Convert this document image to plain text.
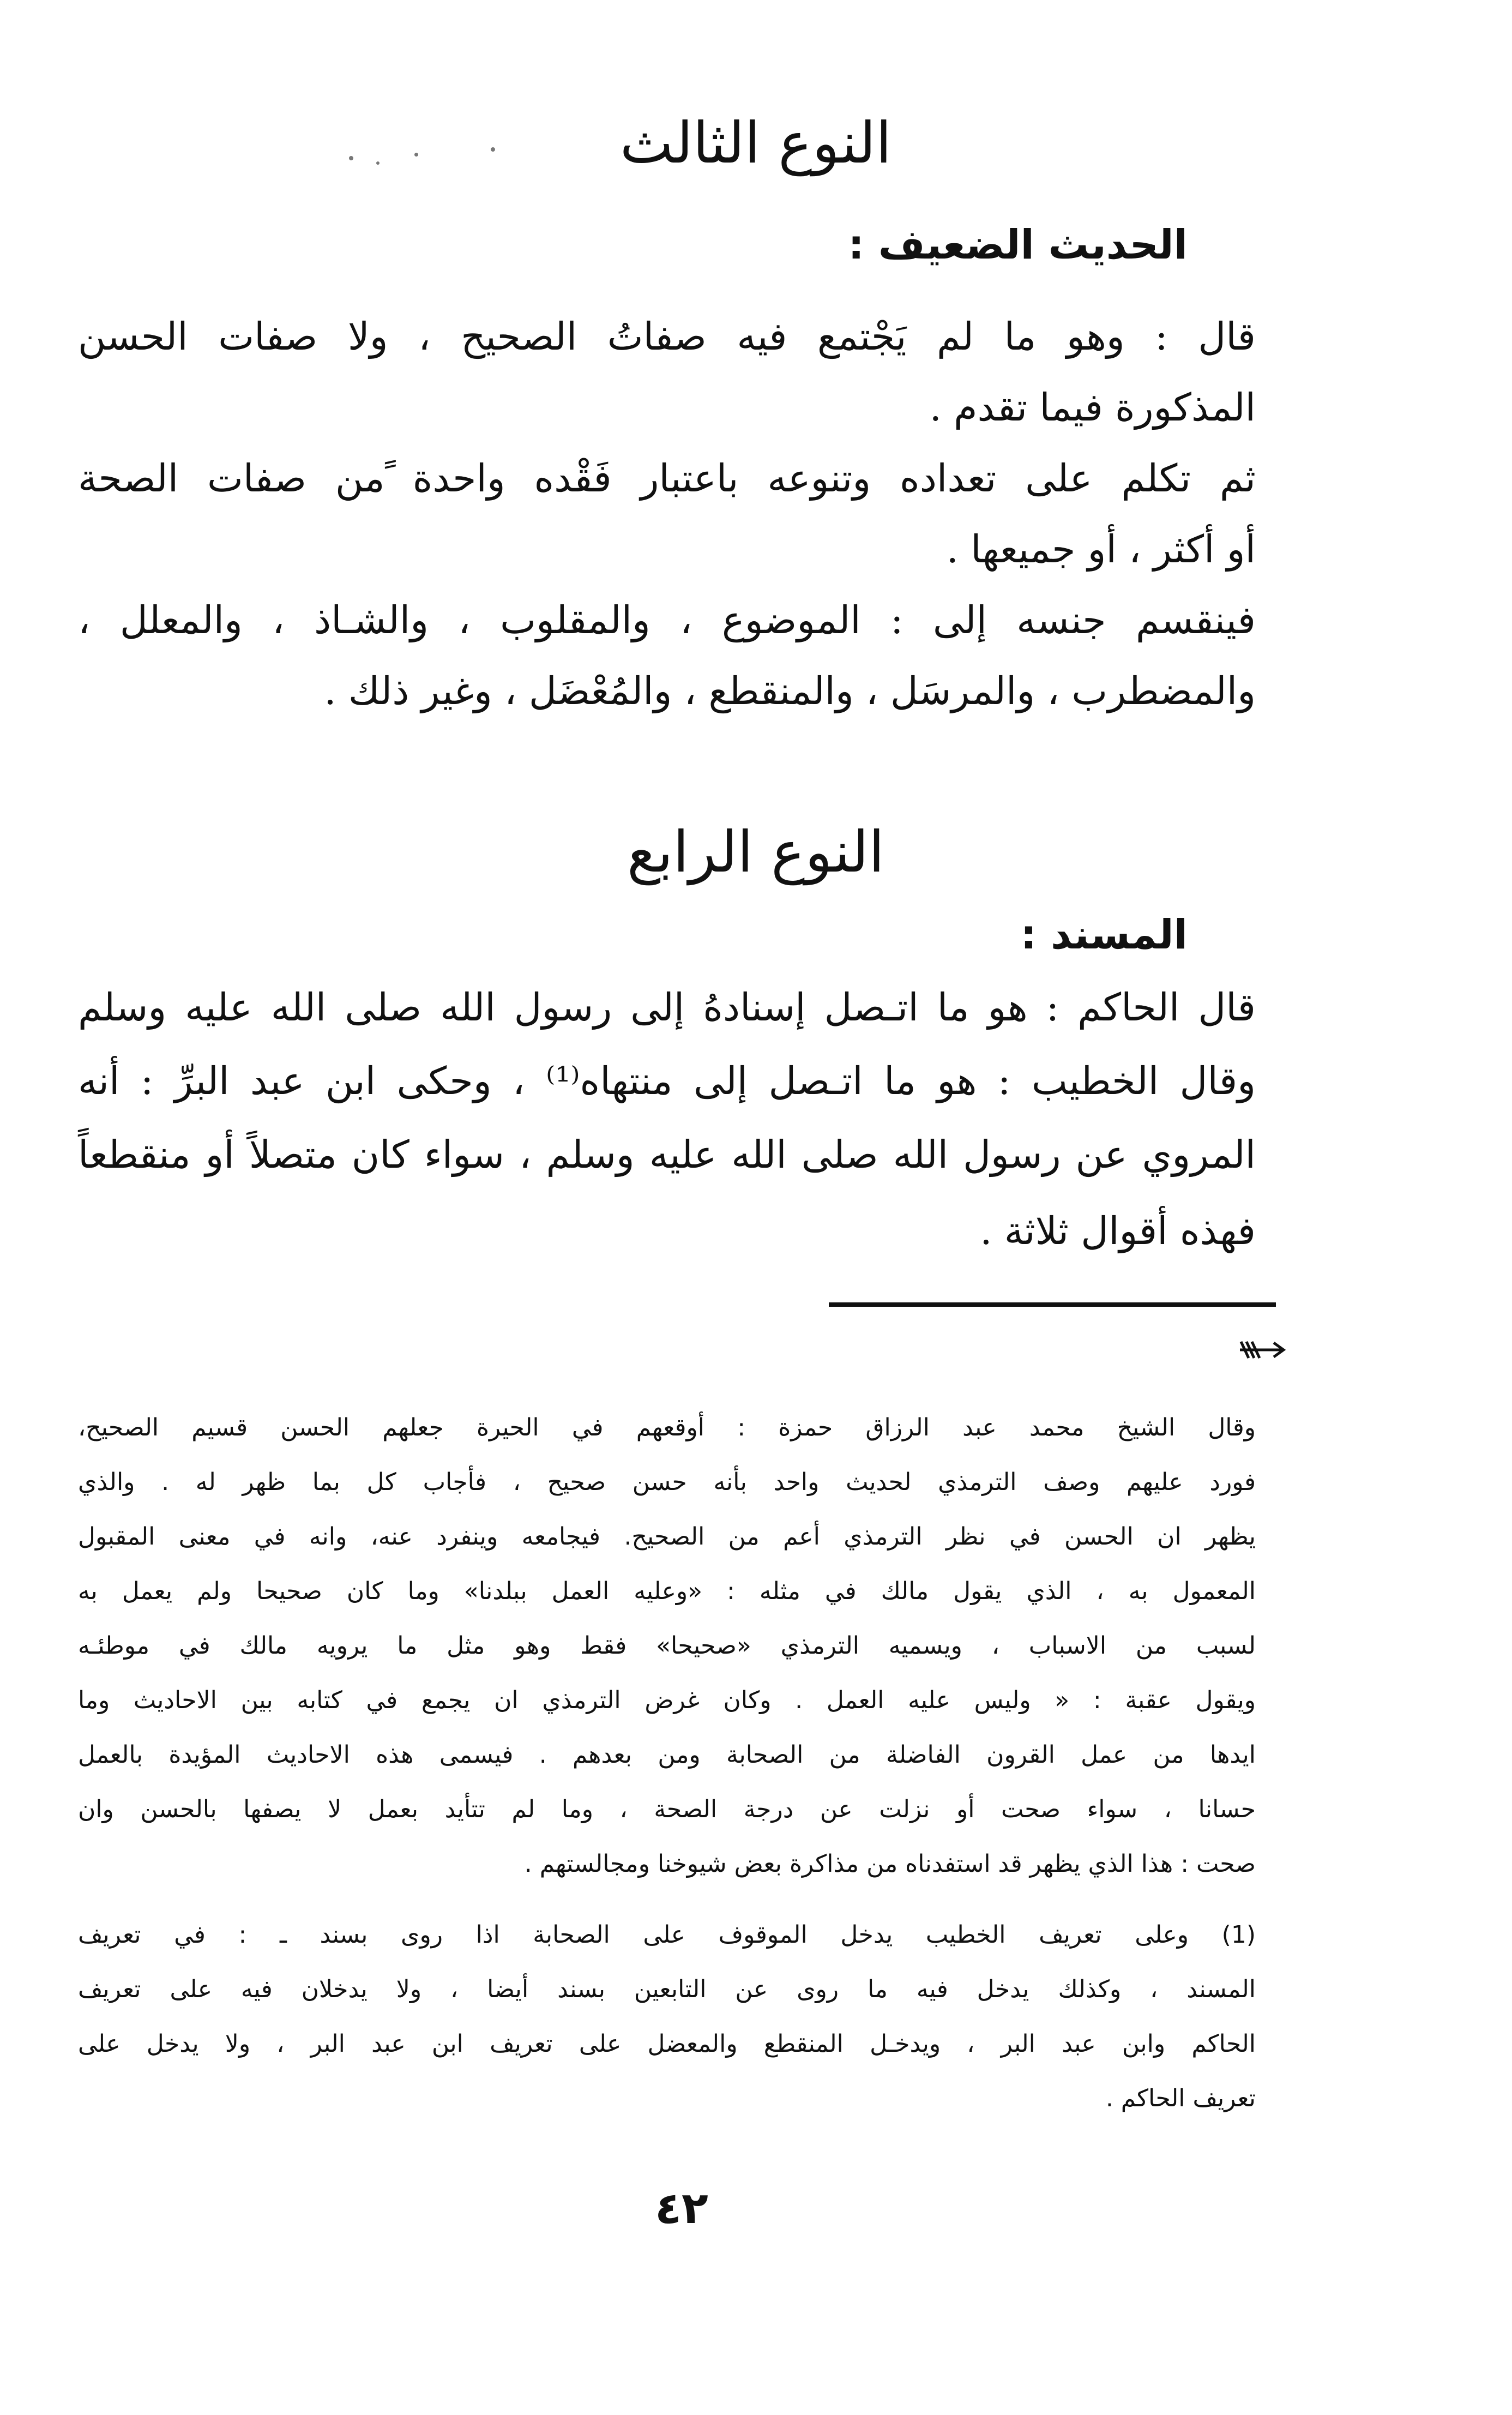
النوع الثالث
الحديث الضعيف :
قال : وهو ما لم يَجْتمع فيه صفاتُ الصحيح ، ولا صفات الحسن
المذكورة فيما تقدم .
ثم تكلم على تعداده وتنوعه باعتبار فَقْده واحدة ًمن صفات الصحة
أو أكثر ، أو جميعها .
فينقسم جنسه إلى : الموضوع ، والمقلوب ، والشـاذ ، والمعلل ،
والمضطرب ، والمرسَل ، والمنقطع ، والمُعْضَل ، وغير ذلك .
النوع الرابع
المسند :
قال الحاكم : هو ما اتـصل إسنادهُ إلى رسول الله صلى الله عليه وسلم
وقال الخطيب : هو ما اتـصل إلى منتهاه⁽¹⁾ ، وحكى ابن عبد البرِّ : أنه
المروي عن رسول الله صلى الله عليه وسلم ، سواء كان متصلاً أو منقطعاً
فهذه أقوال ثلاثة .
وقال الشيخ محمد عبد الرزاق حمزة : أوقعهم في الحيرة جعلهم الحسن قسيم الصحيح،
فورد عليهم وصف الترمذي لحديث واحد بأنه حسن صحيح ، فأجاب كل بما ظهر له . والذي
يظهر ان الحسن في نظر الترمذي أعم من الصحيح. فيجامعه وينفرد عنه، وانه في معنى المقبول
المعمول به ، الذي يقول مالك في مثله : «وعليه العمل ببلدنا» وما كان صحيحا ولم يعمل به
لسبب من الاسباب ، ويسميه الترمذي «صحيحا» فقط وهو مثل ما يرويه مالك في موطئـه
ويقول عقبة : « وليس عليه العمل . وكان غرض الترمذي ان يجمع في كتابه بين الاحاديث وما
ايدها من عمل القرون الفاضلة من الصحابة ومن بعدهم . فيسمى هذه الاحاديث المؤيدة بالعمل
حسانا ، سواء صحت أو نزلت عن درجة الصحة ، وما لم تتأيد بعمل لا يصفها بالحسن وان
صحت : هذا الذي يظهر قد استفدناه من مذاكرة بعض شيوخنا ومجالستهم .
(1) وعلى تعريف الخطيب يدخل الموقوف على الصحابة اذا روى بسند ـ : في تعريف
المسند ، وكذلك يدخل فيه ما روى عن التابعين بسند أيضا ، ولا يدخلان فيه على تعريف
الحاكم وابن عبد البر ، ويدخـل المنقطع والمعضل على تعريف ابن عبد البر ، ولا يدخل على
تعريف الحاكم .
٤٢
